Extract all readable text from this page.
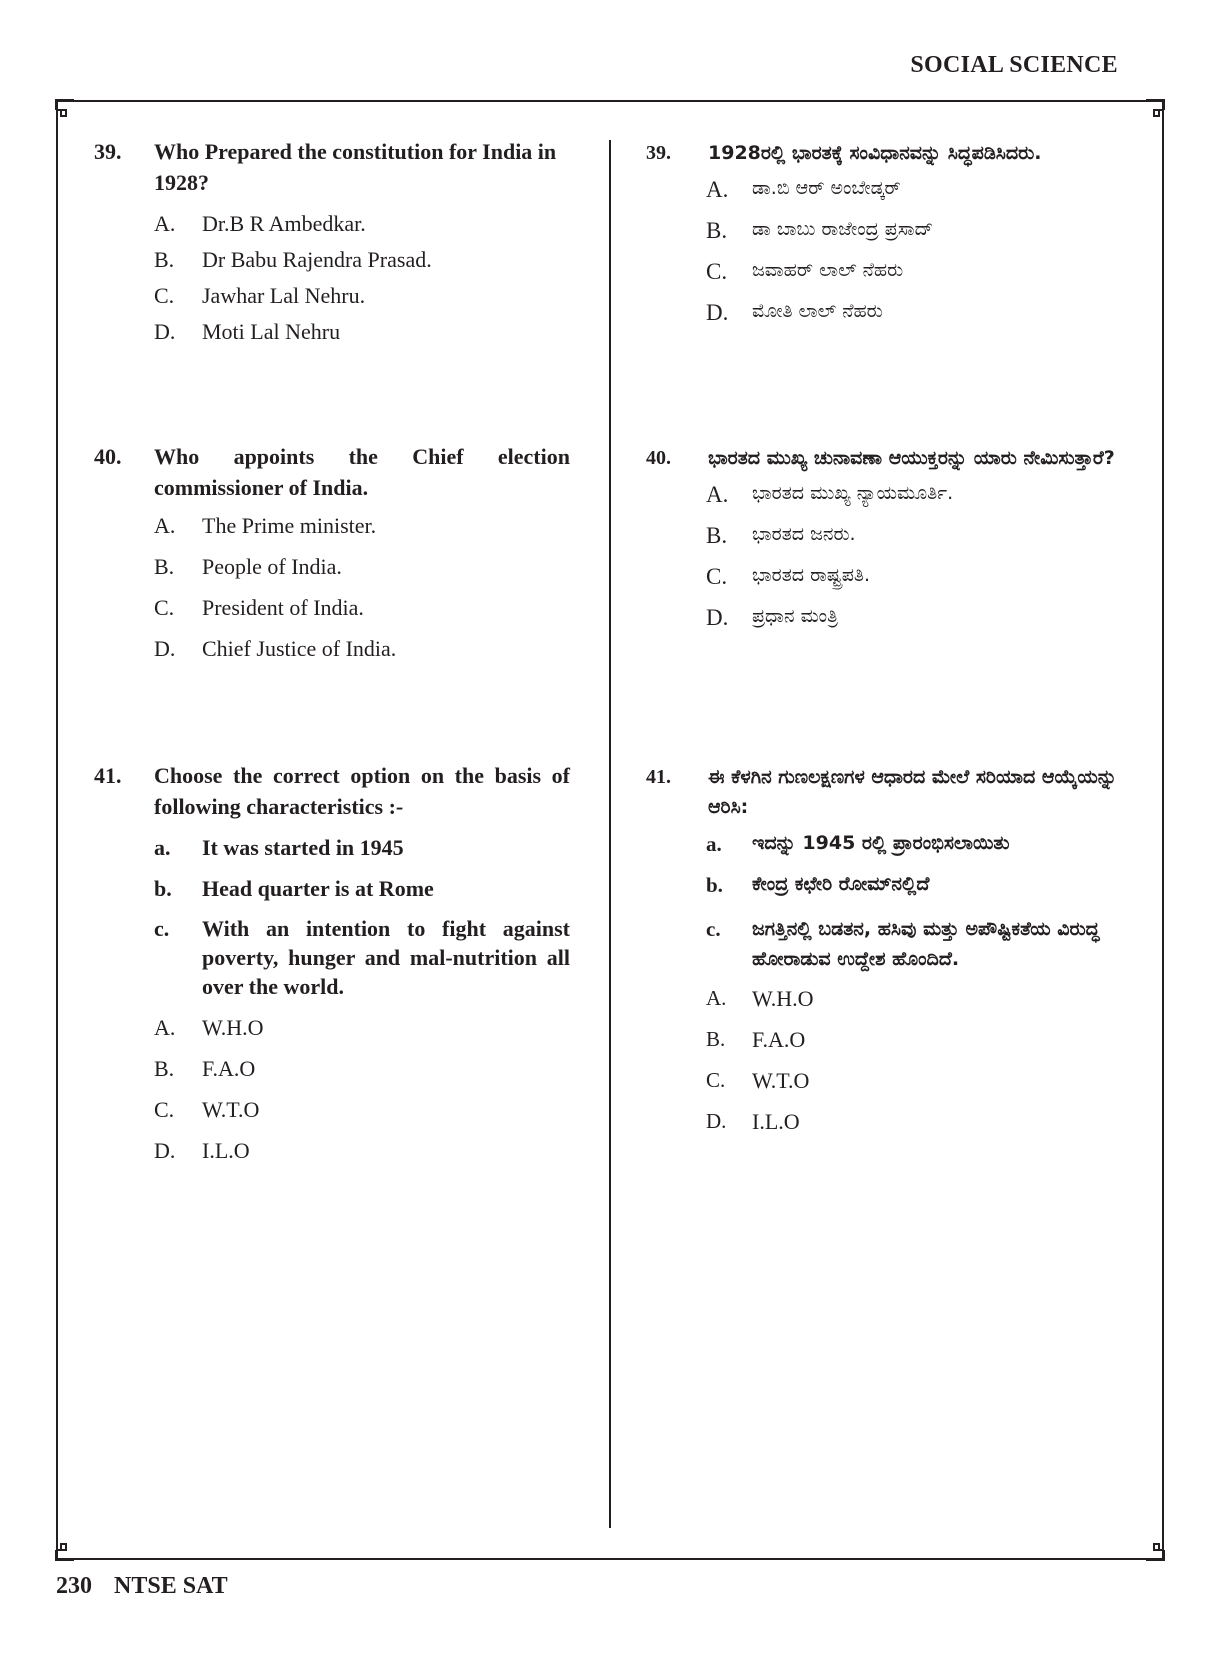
SOCIAL SCIENCE
39.	Who Prepared the constitution for India in 1928?
A.	Dr.B R Ambedkar.
B.	Dr Babu Rajendra Prasad.
C.	Jawhar Lal Nehru.
D.	Moti Lal Nehru
40.	Who appoints the Chief election
commissioner of India.
A.	The Prime minister.
B.	People of India.
C.	President of India.
D.	Chief Justice of India.
41.	Choose the correct option on the basis of following characteristics :-
a.	It was started in 1945
b.	Head quarter is at Rome
c.	With an intention to fight against poverty, hunger and mal-nutrition all over the world.
A.	W.H.O
B.	F.A.O
C.	W.T.O
D.	I.L.O
39.	1928ರಲ್ಲಿ ಭಾರತಕ್ಕೆ ಸಂವಿಧಾನವನ್ನು ಸಿದ್ಧಪಡಿಸಿದರು.
A.	ಡಾ.ಬಿ ಆರ್ ಅಂಬೇಡ್ಕರ್
B.	ಡಾ ಬಾಬು ರಾಜೇಂದ್ರ ಪ್ರಸಾದ್
C.	ಜವಾಹರ್ ಲಾಲ್ ನೆಹರು
D.	ಮೋತಿ ಲಾಲ್ ನೆಹರು
40.	ಭಾರತದ ಮುಖ್ಯ ಚುನಾವಣಾ ಆಯುಕ್ತರನ್ನು ಯಾರು ನೇಮಿಸುತ್ತಾರೆ?
A.	ಭಾರತದ ಮುಖ್ಯ ನ್ಯಾಯಮೂರ್ತಿ.
B.	ಭಾರತದ ಜನರು.
C.	ಭಾರತದ ರಾಷ್ಟ್ರಪತಿ.
D.	ಪ್ರಧಾನ ಮಂತ್ರಿ
41.	ಈ ಕೆಳಗಿನ ಗುಣಲಕ್ಷಣಗಳ ಆಧಾರದ ಮೇಲೆ ಸರಿಯಾದ ಆಯ್ಕೆಯನ್ನು ಆರಿಸಿ:
a.	ಇದನ್ನು 1945 ರಲ್ಲಿ ಪ್ರಾರಂಭಿಸಲಾಯಿತು
b.	ಕೇಂದ್ರ ಕಛೇರಿ ರೋಮ್‌ನಲ್ಲಿದೆ
c.	ಜಗತ್ತಿನಲ್ಲಿ ಬಡತನ, ಹಸಿವು ಮತ್ತು ಅಪೌಷ್ಟಿಕತೆಯ ವಿರುದ್ಧ ಹೋರಾಡುವ ಉದ್ದೇಶ ಹೊಂದಿದೆ.
A.	W.H.O
B.	F.A.O
C.	W.T.O
D.	I.L.O
230 NTSE SAT
